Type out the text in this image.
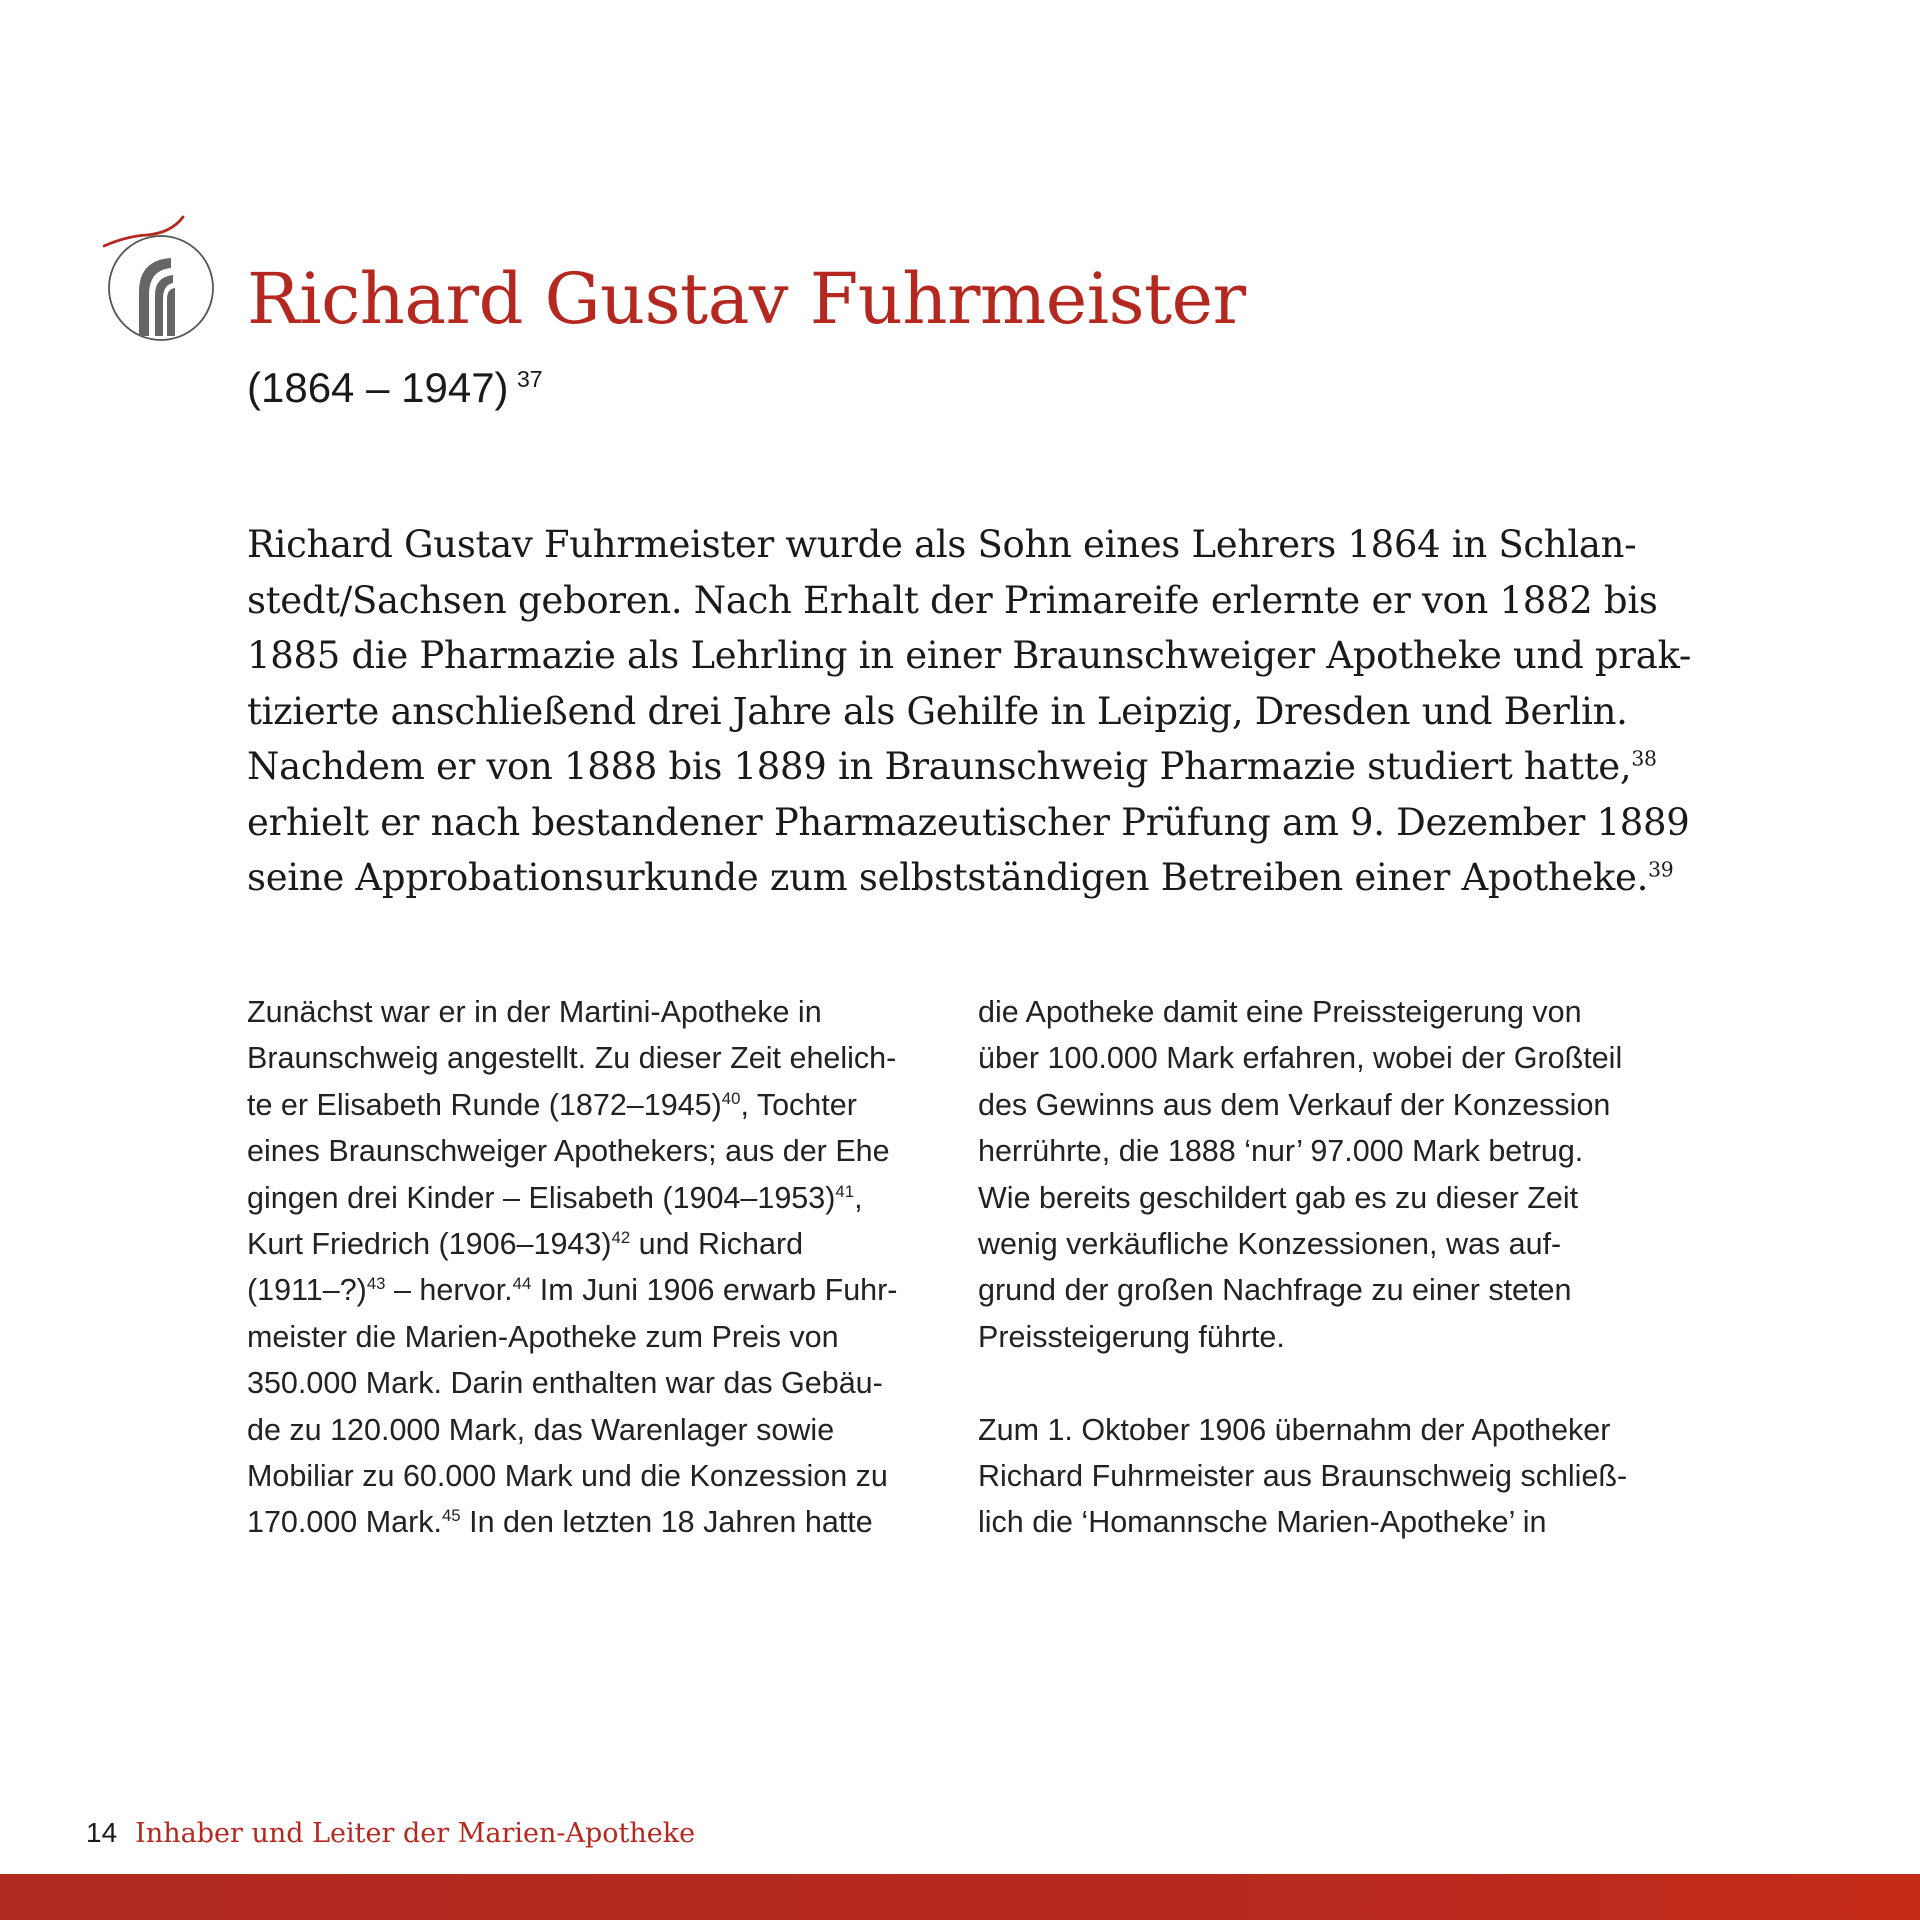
Richard Gustav Fuhrmeister
(1864 – 1947)  $^{37}$
Richard Gustav Fuhrmeister wurde als Sohn eines Lehrers 1864 in Schlan-
stedt/Sachsen geboren. Nach Erhalt der Primareife erlernte er von 1882 bis
1885 die Pharmazie als Lehrling in einer Braunschweiger Apotheke und prak-
tizierte anschließend drei Jahre als Gehilfe in Leipzig, Dresden und Berlin.
Nachdem er von 1888 bis 1889 in Braunschweig Pharmazie studiert hatte,$^{38}$
erhielt er nach bestandener Pharmazeutischer Prüfung am 9. Dezember 1889
seine Approbationsurkunde zum selbstständigen Betreiben einer Apotheke.$^{39}$
Zunächst war er in der Martini-Apotheke in
Braunschweig angestellt. Zu dieser Zeit ehelich-
te er Elisabeth Runde (1872–1945)$^{40}$, Tochter
eines Braunschweiger Apothekers; aus der Ehe
gingen drei Kinder – Elisabeth (1904–1953)$^{41}$,
Kurt Friedrich (1906–1943)$^{42}$ und Richard
(1911–?)$^{43}$ – hervor.$^{44}$ Im Juni 1906 erwarb Fuhr-
meister die Marien-Apotheke zum Preis von
350.000 Mark. Darin enthalten war das Gebäu-
de zu 120.000 Mark, das Warenlager sowie
Mobiliar zu 60.000 Mark und die Konzession zu
170.000 Mark.$^{45}$ In den letzten 18 Jahren hatte
die Apotheke damit eine Preissteigerung von
über 100.000 Mark erfahren, wobei der Großteil
des Gewinns aus dem Verkauf der Konzession
herrührte, die 1888 ‘nur’ 97.000 Mark betrug.
Wie bereits geschildert gab es zu dieser Zeit
wenig verkäufliche Konzessionen, was auf-
grund der großen Nachfrage zu einer steten
Preissteigerung führte.
Zum 1. Oktober 1906 übernahm der Apotheker
Richard Fuhrmeister aus Braunschweig schließ-
lich die ‘Homannsche Marien-Apotheke’ in
14 Inhaber und Leiter der Marien-Apotheke
